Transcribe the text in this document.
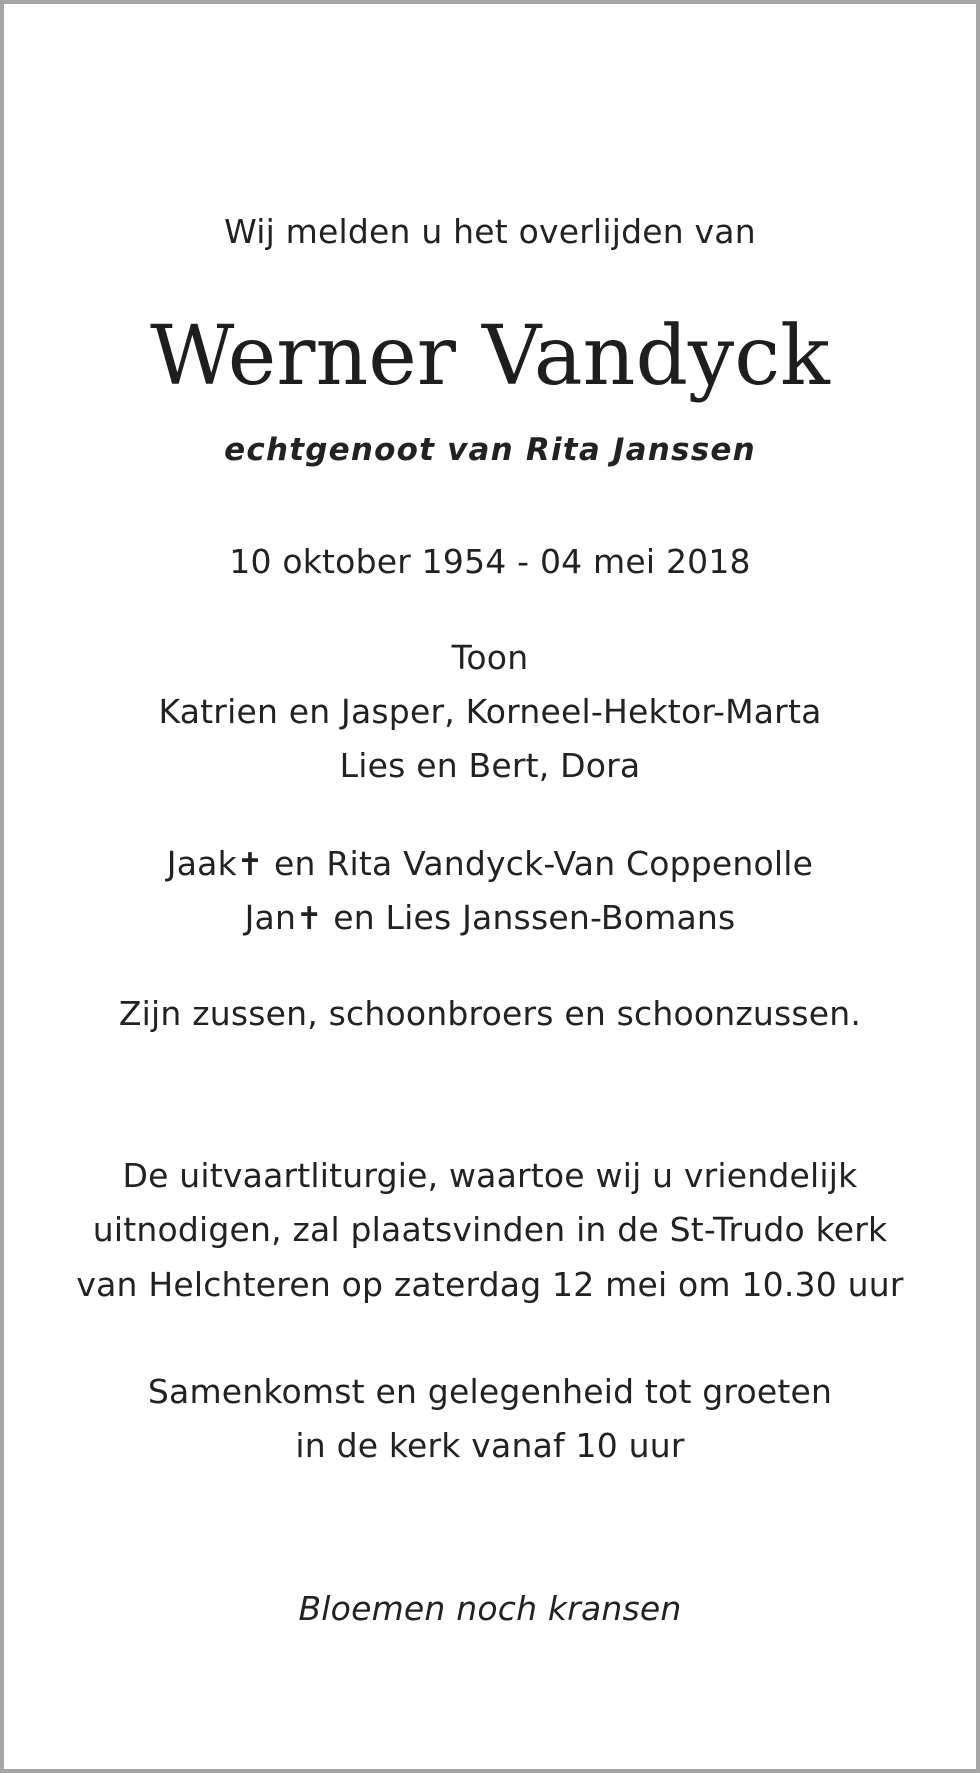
Wij melden u het overlijden van
Werner Vandyck
echtgenoot van Rita Janssen
10 oktober 1954 - 04 mei 2018
Toon
Katrien en Jasper, Korneel-Hektor-Marta
Lies en Bert, Dora
Jaak✝ en Rita Vandyck-Van Coppenolle
Jan✝ en Lies Janssen-Bomans
Zijn zussen, schoonbroers en schoonzussen.
De uitvaartliturgie, waartoe wij u vriendelijk
uitnodigen, zal plaatsvinden in de St-Trudo kerk
van Helchteren op zaterdag 12 mei om 10.30 uur
Samenkomst en gelegenheid tot groeten
in de kerk vanaf 10 uur
Bloemen noch kransen
